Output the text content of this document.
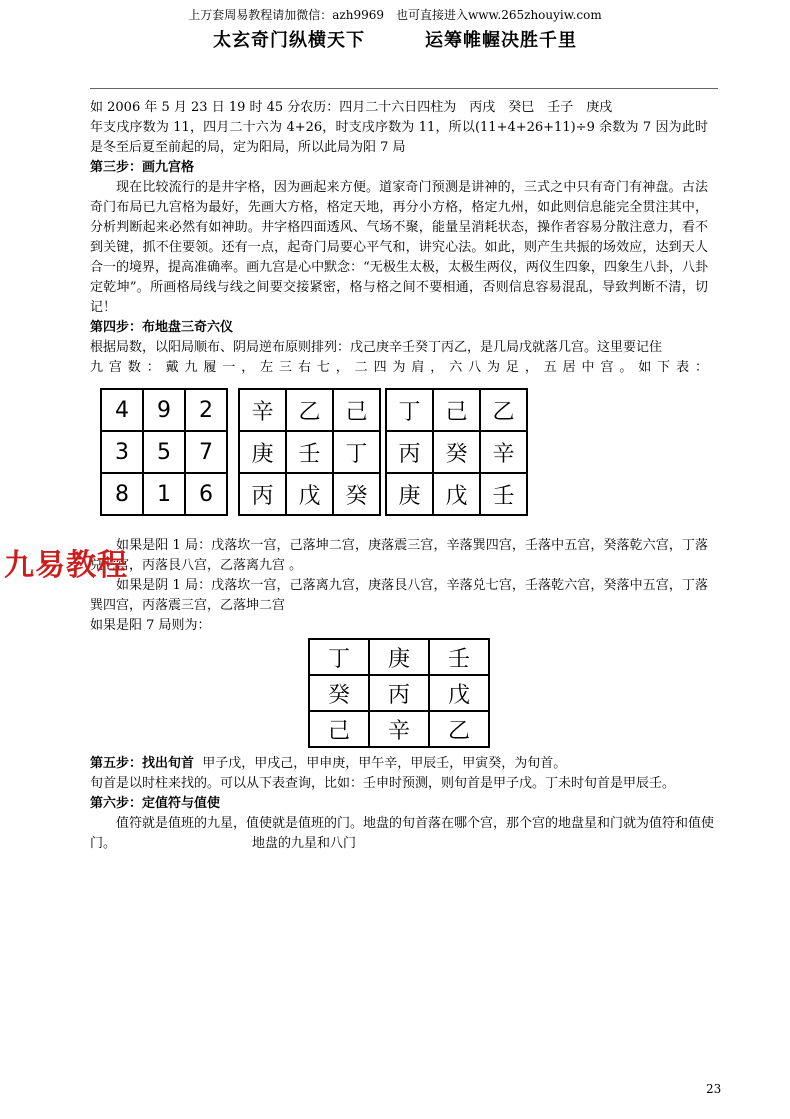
上万套周易教程请加微信：azh9969　也可直接进入www.265zhouyiw.com
太玄奇门纵横天下	运筹帷幄决胜千里
如 2006 年 5 月 23 日 19 时 45 分农历：四月二十六日四柱为　丙戌　癸巳　壬子　庚戌
年支戌序数为 11，四月二十六为 4+26，时支戌序数为 11，所以(11+4+26+11)÷9 余数为 7 因为此时是冬至后夏至前起的局，定为阳局，所以此局为阳 7 局
第三步：画九宫格
现在比较流行的是井字格，因为画起来方便。道家奇门预测是讲神的，三式之中只有奇门有神盘。古法奇门布局已九宫格为最好，先画大方格，格定天地，再分小方格，格定九州，如此则信息能完全贯注其中，分析判断起来必然有如神助。井字格四面透风、气场不聚，能量呈消耗状态，操作者容易分散注意力，看不到关键，抓不住要领。还有一点，起奇门局要心平气和，讲究心法。如此，则产生共振的场效应，达到天人合一的境界，提高准确率。画九宫是心中默念：“无极生太极，太极生两仪，两仪生四象，四象生八卦，八卦定乾坤”。所画格局线与线之间要交接紧密，格与格之间不要相通，否则信息容易混乱，导致判断不清，切记！
第四步：布地盘三奇六仪
根据局数，以阳局顺布、阴局逆布原则排列：戊己庚辛壬癸丁丙乙，是几局戊就落几宫。这里要记住
九 宫 数 ： 戴 九 履 一 ， 左 三 右 七 ， 二 四 为 肩 ， 六 八 为 足 ， 五 居 中 宫 。 如 下 表 ：
4	9	2
3	5	7
8	1	6
辛	乙	己
庚	壬	丁
丙	戊	癸
丁	己	乙
丙	癸	辛
庚	戊	壬
如果是阳 1 局：戊落坎一宫，己落坤二宫，庚落震三宫，辛落巽四宫，壬落中五宫，癸落乾六宫，丁落兑七宫，丙落艮八宫，乙落离九宫 。
如果是阴 1 局：戊落坎一宫，己落离九宫，庚落艮八宫，辛落兑七宫，壬落乾六宫，癸落中五宫，丁落巽四宫，丙落震三宫，乙落坤二宫
如果是阳 7 局则为：
丁	庚	壬
癸	丙	戊
己	辛	乙
第五步：找出旬首 甲子戊，甲戌己，甲申庚，甲午辛，甲辰壬，甲寅癸，为旬首。
旬首是以时柱来找的。可以从下表查询，比如：壬申时预测，则旬首是甲子戊。丁未时旬首是甲辰壬。
第六步：定值符与值使
值符就是值班的九星，值使就是值班的门。地盘的旬首落在哪个宫，那个宫的地盘星和门就为值符和值使门。	地盘的九星和八门
九易教程
23
